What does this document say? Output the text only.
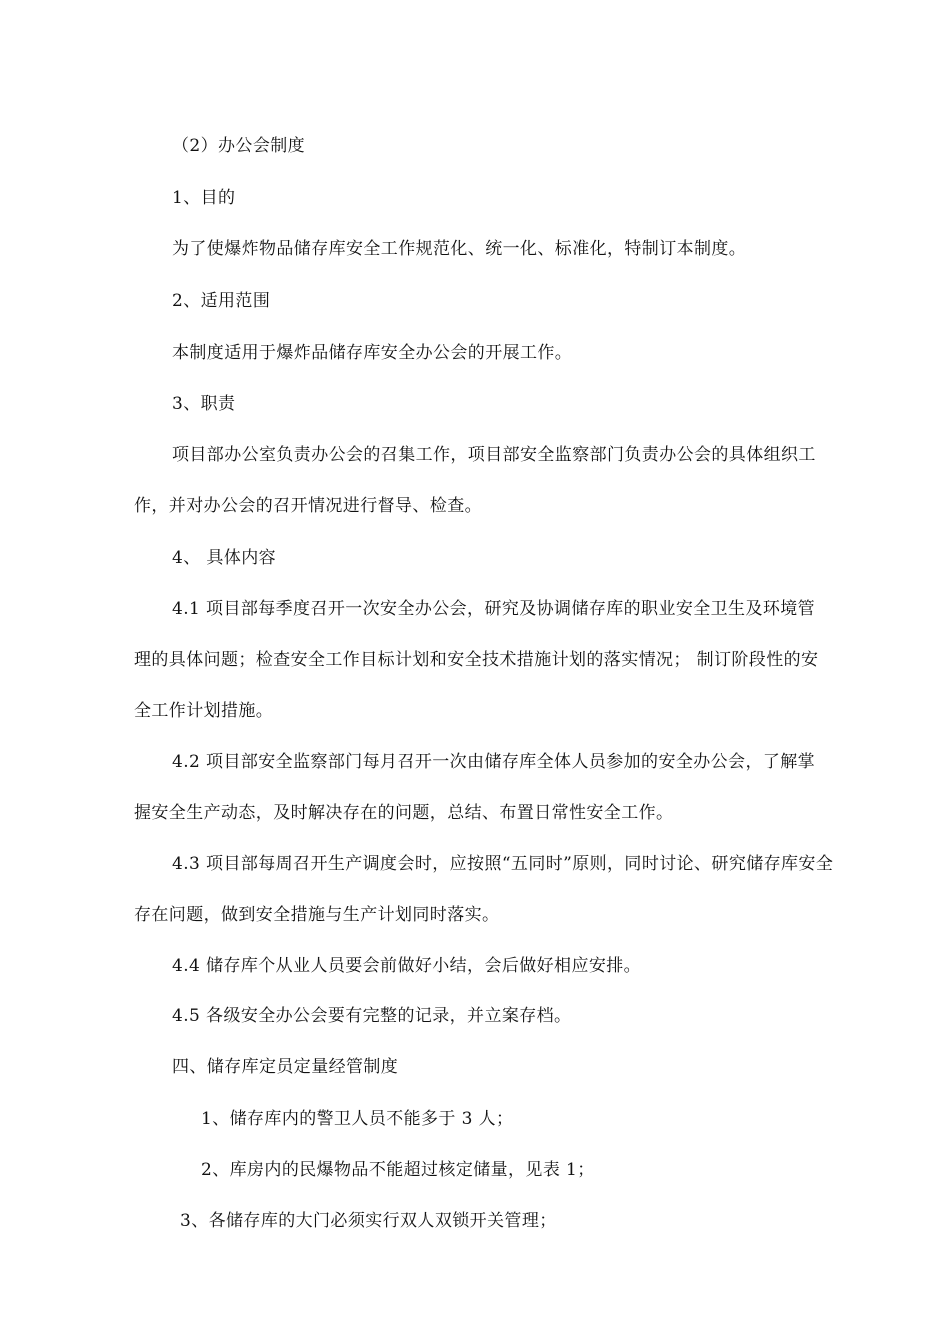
（2）办公会制度

1、目的

为了使爆炸物品储存库安全工作规范化、统一化、标准化，特制订本制度。

2、适用范围

本制度适用于爆炸品储存库安全办公会的开展工作。

3、职责

项目部办公室负责办公会的召集工作，项目部安全监察部门负责办公会的具体组织工

作，并对办公会的召开情况进行督导、检查。

4、 具体内容

4.1 项目部每季度召开一次安全办公会，研究及协调储存库的职业安全卫生及环境管

理的具体问题；检查安全工作目标计划和安全技术措施计划的落实情况； 制订阶段性的安

全工作计划措施。

4.2 项目部安全监察部门每月召开一次由储存库全体人员参加的安全办公会，了解掌

握安全生产动态，及时解决存在的问题，总结、布置日常性安全工作。

4.3 项目部每周召开生产调度会时，应按照“五同时”原则，同时讨论、研究储存库安全

存在问题，做到安全措施与生产计划同时落实。

4.4 储存库个从业人员要会前做好小结，会后做好相应安排。

4.5 各级安全办公会要有完整的记录，并立案存档。

四、储存库定员定量经管制度

1、储存库内的警卫人员不能多于 3 人；

2、库房内的民爆物品不能超过核定储量，见表 1；

3、各储存库的大门必须实行双人双锁开关管理；
